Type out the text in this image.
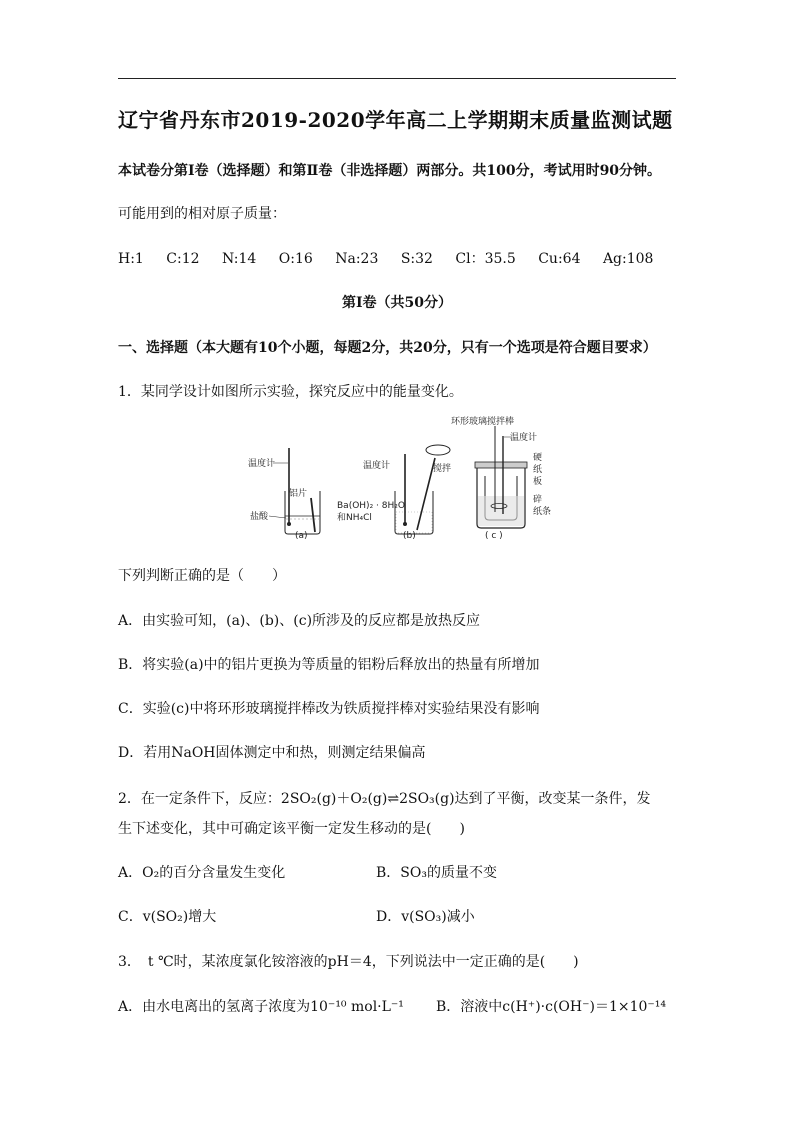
辽宁省丹东市2019-2020学年高二上学期期末质量监测试题
本试卷分第Ⅰ卷（选择题）和第Ⅱ卷（非选择题）两部分。共100分，考试用时90分钟。
可能用到的相对原子质量：
H:1 C:12 N:14 O:16 Na:23 S:32 Cl：35.5 Cu:64 Ag:108
第Ⅰ卷（共50分）
一、选择题（本大题有10个小题，每题2分，共20分，只有一个选项是符合题目要求）
1．某同学设计如图所示实验，探究反应中的能量变化。
温度计
铝片
盐酸
(a)
温度计	搅拌
Ba(OH)₂ · 8H₂O
和NH₄Cl
(b)
环形玻璃搅拌棒
温度计
硬
纸
板
碎
纸条
( c )
下列判断正确的是（　　）
A．由实验可知，(a)、(b)、(c)所涉及的反应都是放热反应
B．将实验(a)中的铝片更换为等质量的铝粉后释放出的热量有所增加
C．实验(c)中将环形玻璃搅拌棒改为铁质搅拌棒对实验结果没有影响
D．若用NaOH固体测定中和热，则测定结果偏高
2．在一定条件下，反应：2SO₂(g)＋O₂(g)⇌2SO₃(g)达到了平衡，改变某一条件，发
生下述变化，其中可确定该平衡一定发生移动的是(　　)
A．O₂的百分含量发生变化	B．SO₃的质量不变
C．v(SO₂)增大	D．v(SO₃)减小
3．　t ℃时，某浓度氯化铵溶液的pH＝4，下列说法中一定正确的是(　　)
A．由水电离出的氢离子浓度为10⁻¹⁰ mol·L⁻¹ B．溶液中c(H⁺)·c(OH⁻)＝1×10⁻¹⁴
